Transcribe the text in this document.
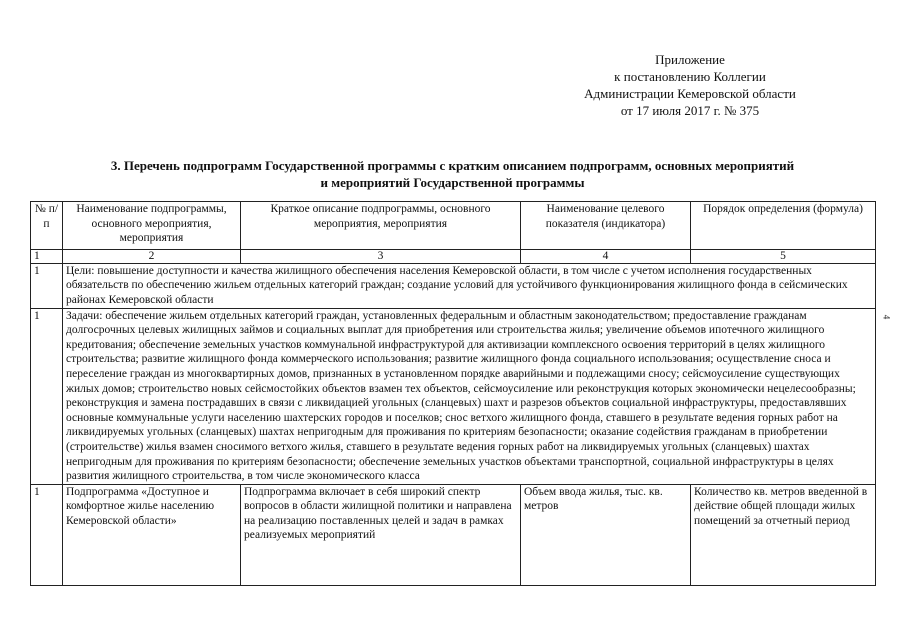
Приложение
к постановлению Коллегии
Администрации Кемеровской области
от 17 июля 2017 г. № 375
3. Перечень подпрограмм Государственной программы с кратким описанием подпрограмм, основных мероприятий
и мероприятий Государственной программы
№ п/п	Наименование подпрограммы, основного мероприятия, мероприятия	Краткое описание подпрограммы, основного мероприятия, мероприятия	Наименование целевого показателя (индикатора)	Порядок определения (формула)
1	2	3	4	5
1	Цели: повышение доступности и качества жилищного обеспечения населения Кемеровской области, в том числе с учетом исполнения государственных обязательств по обеспечению жильем отдельных категорий граждан; создание условий для устойчивого функционирования жилищного фонда в сейсмических районах Кемеровской области			
1	Задачи: обеспечение жильем отдельных категорий граждан, установленных федеральным и областным законодательством; предоставление гражданам долгосрочных целевых жилищных займов и социальных выплат для приобретения или строительства жилья; увеличение объемов ипотечного жилищного кредитования; обеспечение земельных участков коммунальной инфраструктурой для активизации комплексного освоения территорий в целях жилищного строительства; развитие жилищного фонда коммерческого использования; развитие жилищного фонда социального использования; осуществление сноса и переселение граждан из многоквартирных домов, признанных в установленном порядке аварийными и подлежащими сносу; сейсмоусиление существующих жилых домов; строительство новых сейсмостойких объектов взамен тех объектов, сейсмоусиление или реконструкция которых экономически нецелесообразны; реконструкция и замена пострадавших в связи с ликвидацией угольных (сланцевых) шахт и разрезов объектов социальной инфраструктуры, предоставлявших основные коммунальные услуги населению шахтерских городов и поселков; снос ветхого жилищного фонда, ставшего в результате ведения горных работ на ликвидируемых угольных (сланцевых) шахтах непригодным для проживания по критериям безопасности; оказание содействия гражданам в приобретении (строительстве) жилья взамен сносимого ветхого жилья, ставшего в результате ведения горных работ на ликвидируемых угольных (сланцевых) шахтах непригодным для проживания по критериям безопасности; обеспечение земельных участков объектами транспортной, социальной инфраструктуры в целях развития жилищного строительства, в том числе экономического класса			
1	Подпрограмма «Доступное и комфортное жилье населению Кемеровской области»	Подпрограмма включает в себя широкий спектр вопросов в области жилищной политики и направлена на реализацию поставленных целей и задач в рамках реализуемых мероприятий	Объем ввода жилья, тыс. кв. метров	Количество кв. метров введенной в действие общей площади жилых помещений за отчетный период
4
